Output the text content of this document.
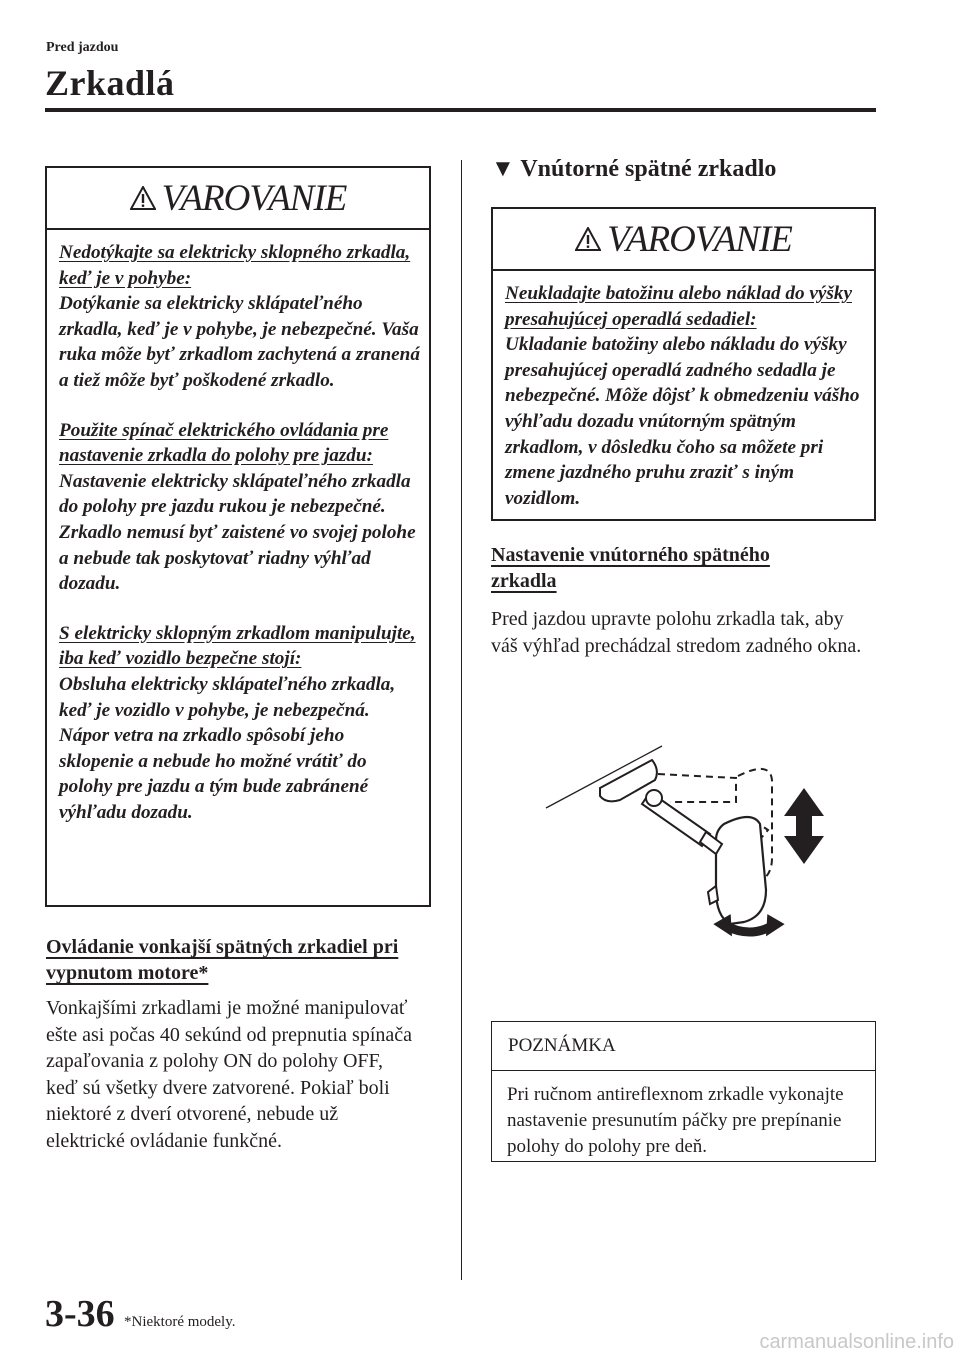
Pred jazdou
Zrkadlá
VAROVANIE

Nedotýkajte sa elektricky sklopného zrkadla, keď je v pohybe:
Dotýkanie sa elektricky sklápateľného zrkadla, keď je v pohybe, je nebezpečné. Vaša ruka môže byť zrkadlom zachytená a zranená a tiež môže byť poškodené zrkadlo.

Použite spínač elektrického ovládania pre nastavenie zrkadla do polohy pre jazdu:
Nastavenie elektricky sklápateľného zrkadla do polohy pre jazdu rukou je nebezpečné. Zrkadlo nemusí byť zaistené vo svojej polohe a nebude tak poskytovať riadny výhľad dozadu.

S elektricky sklopným zrkadlom manipulujte, iba keď vozidlo bezpečne stojí:
Obsluha elektricky sklápateľného zrkadla, keď je vozidlo v pohybe, je nebezpečná. Nápor vetra na zrkadlo spôsobí jeho sklopenie a nebude ho možné vrátiť do polohy pre jazdu a tým bude zabránené výhľadu dozadu.

Ovládanie vonkajší spätných zrkadiel pri vypnutom motore*
Vonkajšími zrkadlami je možné manipulovať ešte asi počas 40 sekúnd od prepnutia spínača zapaľovania z polohy ON do polohy OFF, keď sú všetky dvere zatvorené. Pokiaľ boli niektoré z dverí otvorené, nebude už elektrické ovládanie funkčné.
▼ Vnútorné spätné zrkadlo
VAROVANIE

Neukladajte batožinu alebo náklad do výšky presahujúcej operadlá sedadiel:
Ukladanie batožiny alebo nákladu do výšky presahujúcej operadlá zadného sedadla je nebezpečné. Môže dôjsť k obmedzeniu vášho výhľadu dozadu vnútorným spätným zrkadlom, v dôsledku čoho sa môžete pri zmene jazdného pruhu zraziť s iným vozidlom.

Nastavenie vnútorného spätného zrkadla
Pred jazdou upravte polohu zrkadla tak, aby váš výhľad prechádzal stredom zadného okna.
POZNÁMKA
Pri ručnom antireflexnom zrkadle vykonajte nastavenie presunutím páčky pre prepínanie polohy do polohy pre deň.
3-36 *Niektoré modely.
carmanualsonline.info
